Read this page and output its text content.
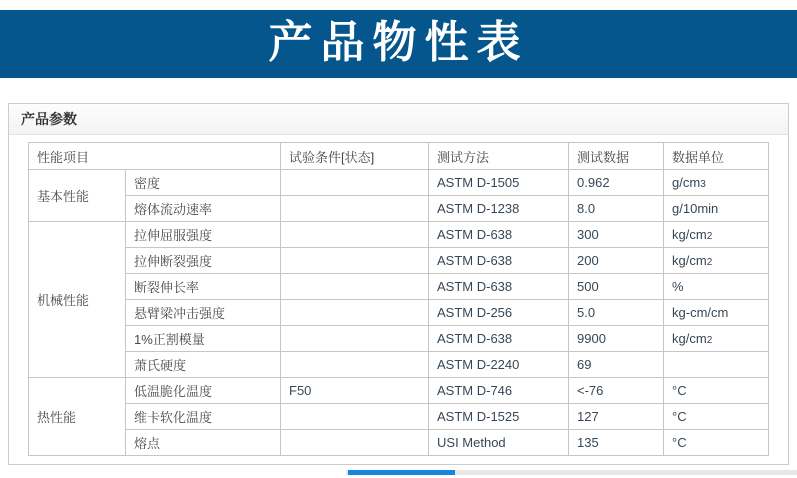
产品物性表
产品参数
性能项目		试验条件[状态]	测试方法	测试数据	数据单位
基本性能	密度		ASTM D-1505	0.962	g/cm3
	熔体流动速率		ASTM D-1238	8.0	g/10min
机械性能	拉伸屈服强度		ASTM D-638	300	kg/cm2
	拉伸断裂强度		ASTM D-638	200	kg/cm2
	断裂伸长率		ASTM D-638	500	%
	悬臂梁冲击强度		ASTM D-256	5.0	kg-cm/cm
	1%正割模量		ASTM D-638	9900	kg/cm2
	萧氏硬度		ASTM D-2240	69	
热性能	低温脆化温度	F50	ASTM D-746	<-76	°C
	维卡软化温度		ASTM D-1525	127	°C
	熔点		USI Method	135	°C
